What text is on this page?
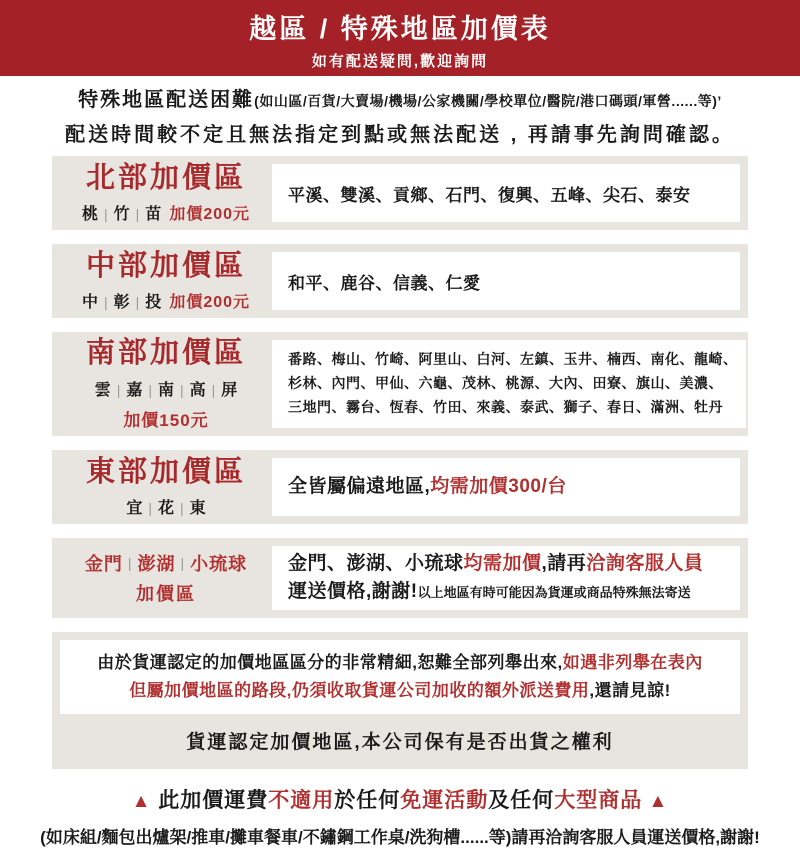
越區 / 特殊地區加價表
如有配送疑問,歡迎詢問
特殊地區配送困難(如山區/百貨/大賣場/機場/公家機關/學校單位/醫院/港口碼頭/軍營......等)’
配送時間較不定且無法指定到點或無法配送 , 再請事先詢問確認。
北部加價區
桃 | 竹 | 苗 加價200元
平溪、雙溪、貢鄉、石門、復興、五峰、尖石、泰安
中部加價區
中 | 彰 | 投 加價200元
和平、鹿谷、信義、仁愛
南部加價區
雲 | 嘉 | 南 | 高 | 屏
加價150元
番路、梅山、竹崎、阿里山、白河、左鎮、玉井、楠西、南化、龍崎、
杉林、內門、甲仙、六龜、茂林、桃源、大內、田寮、旗山、美濃、
三地門、霧台、恆春、竹田、來義、泰武、獅子、春日、滿洲、牡丹
東部加價區
宜 | 花 | 東
全皆屬偏遠地區,均需加價300/台
金門 | 澎湖 | 小琉球
加價區
金門、澎湖、小琉球均需加價,請再洽詢客服人員
運送價格,謝謝!以上地區有時可能因為貨運或商品特殊無法寄送
由於貨運認定的加價地區區分的非常精細,恕難全部列舉出來,如遇非列舉在表內
但屬加價地區的路段,仍須收取貨運公司加收的額外派送費用,還請見諒!
貨運認定加價地區,本公司保有是否出貨之權利
▲ 此加價運費不適用於任何免運活動及任何大型商品 ▲
(如床組/麵包出爐架/推車/攤車餐車/不鏽鋼工作桌/洗狗槽......等)請再洽詢客服人員運送價格,謝謝!
